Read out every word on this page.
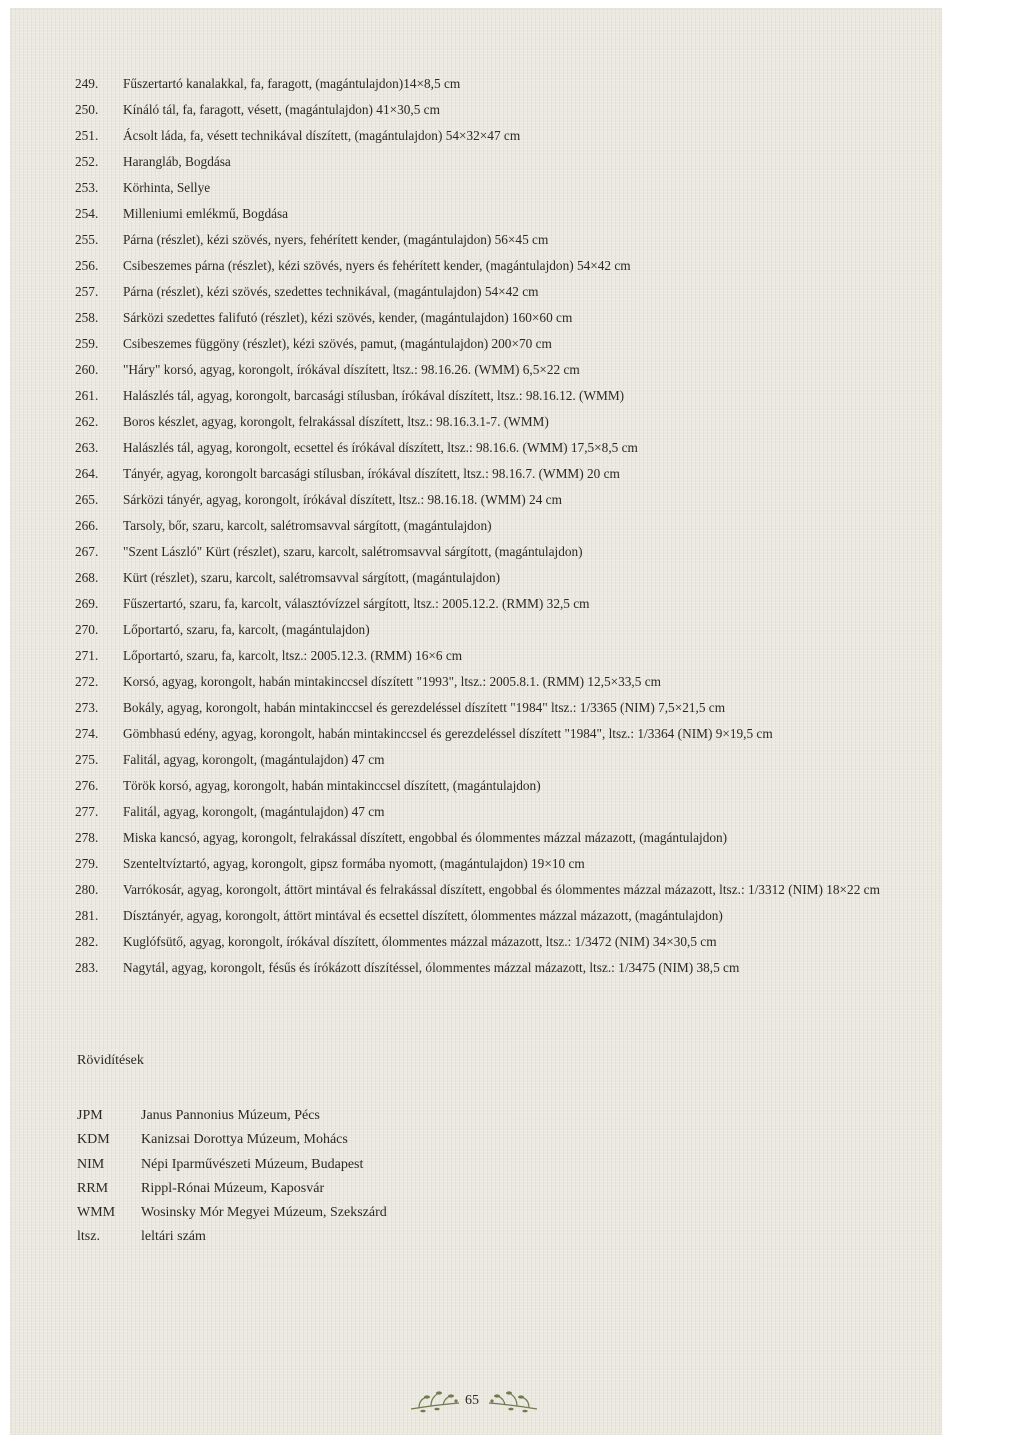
249.	Fűszertartó kanalakkal, fa, faragott, (magántulajdon)14×8,5 cm
250.	Kínáló tál, fa, faragott, vésett, (magántulajdon) 41×30,5 cm
251.	Ácsolt láda, fa, vésett technikával díszített, (magántulajdon) 54×32×47 cm
252.	Harangláb, Bogdása
253.	Körhinta, Sellye
254.	Milleniumi emlékmű, Bogdása
255.	Párna (részlet), kézi szövés, nyers, fehérített kender, (magántulajdon) 56×45 cm
256.	Csibeszemes párna (részlet), kézi szövés, nyers és fehérített kender, (magántulajdon) 54×42 cm
257.	Párna (részlet), kézi szövés, szedettes technikával, (magántulajdon) 54×42 cm
258.	Sárközi szedettes falifutó (részlet), kézi szövés, kender, (magántulajdon) 160×60 cm
259.	Csibeszemes függöny (részlet), kézi szövés, pamut, (magántulajdon) 200×70 cm
260.	"Háry" korsó, agyag, korongolt, írókával díszített, ltsz.: 98.16.26. (WMM) 6,5×22 cm
261.	Halászlés tál, agyag, korongolt, barcasági stílusban, írókával díszített, ltsz.: 98.16.12. (WMM)
262.	Boros készlet, agyag, korongolt, felrakással díszített, ltsz.: 98.16.3.1-7. (WMM)
263.	Halászlés tál, agyag, korongolt, ecsettel és írókával díszített, ltsz.: 98.16.6. (WMM) 17,5×8,5 cm
264.	Tányér, agyag, korongolt barcasági stílusban, írókával díszített, ltsz.: 98.16.7. (WMM) 20 cm
265.	Sárközi tányér, agyag, korongolt, írókával díszített, ltsz.: 98.16.18. (WMM) 24 cm
266.	Tarsoly, bőr, szaru, karcolt, salétromsavval sárgított, (magántulajdon)
267.	"Szent László" Kürt (részlet), szaru, karcolt, salétromsavval sárgított, (magántulajdon)
268.	Kürt (részlet), szaru, karcolt, salétromsavval sárgított, (magántulajdon)
269.	Fűszertartó, szaru, fa, karcolt, választóvízzel sárgított, ltsz.: 2005.12.2. (RMM) 32,5 cm
270.	Lőportartó, szaru, fa, karcolt, (magántulajdon)
271.	Lőportartó, szaru, fa, karcolt, ltsz.: 2005.12.3. (RMM) 16×6 cm
272.	Korsó, agyag, korongolt, habán mintakinccsel díszített "1993", ltsz.: 2005.8.1. (RMM) 12,5×33,5 cm
273.	Bokály, agyag, korongolt, habán mintakinccsel és gerezdeléssel díszített "1984" ltsz.: 1/3365 (NIM) 7,5×21,5 cm
274.	Gömbhasú edény, agyag, korongolt, habán mintakinccsel és gerezdeléssel díszített "1984", ltsz.: 1/3364 (NIM) 9×19,5 cm
275.	Falitál, agyag, korongolt, (magántulajdon) 47 cm
276.	Török korsó, agyag, korongolt, habán mintakinccsel díszített, (magántulajdon)
277.	Falitál, agyag, korongolt, (magántulajdon) 47 cm
278.	Miska kancsó, agyag, korongolt, felrakással díszített, engobbal és ólommentes mázzal mázazott, (magántulajdon)
279.	Szenteltvíztartó, agyag, korongolt, gipsz formába nyomott, (magántulajdon) 19×10 cm
280.	Varrókosár, agyag, korongolt, áttört mintával és felrakással díszített, engobbal és ólommentes mázzal mázazott, ltsz.: 1/3312 (NIM) 18×22 cm
281.	Dísztányér, agyag, korongolt, áttört mintával és ecsettel díszített, ólommentes mázzal mázazott, (magántulajdon)
282.	Kuglófsütő, agyag, korongolt, írókával díszített, ólommentes mázzal mázazott, ltsz.: 1/3472 (NIM) 34×30,5 cm
283.	Nagytál, agyag, korongolt, fésűs és írókázott díszítéssel, ólommentes mázzal mázazott, ltsz.: 1/3475 (NIM) 38,5 cm
Rövidítések
JPM	Janus Pannonius Múzeum, Pécs
KDM	Kanizsai Dorottya Múzeum, Mohács
NIM	Népi Iparművészeti Múzeum, Budapest
RRM	Rippl-Rónai Múzeum, Kaposvár
WMM	Wosinsky Mór Megyei Múzeum, Szekszárd
ltsz.	leltári szám
65
